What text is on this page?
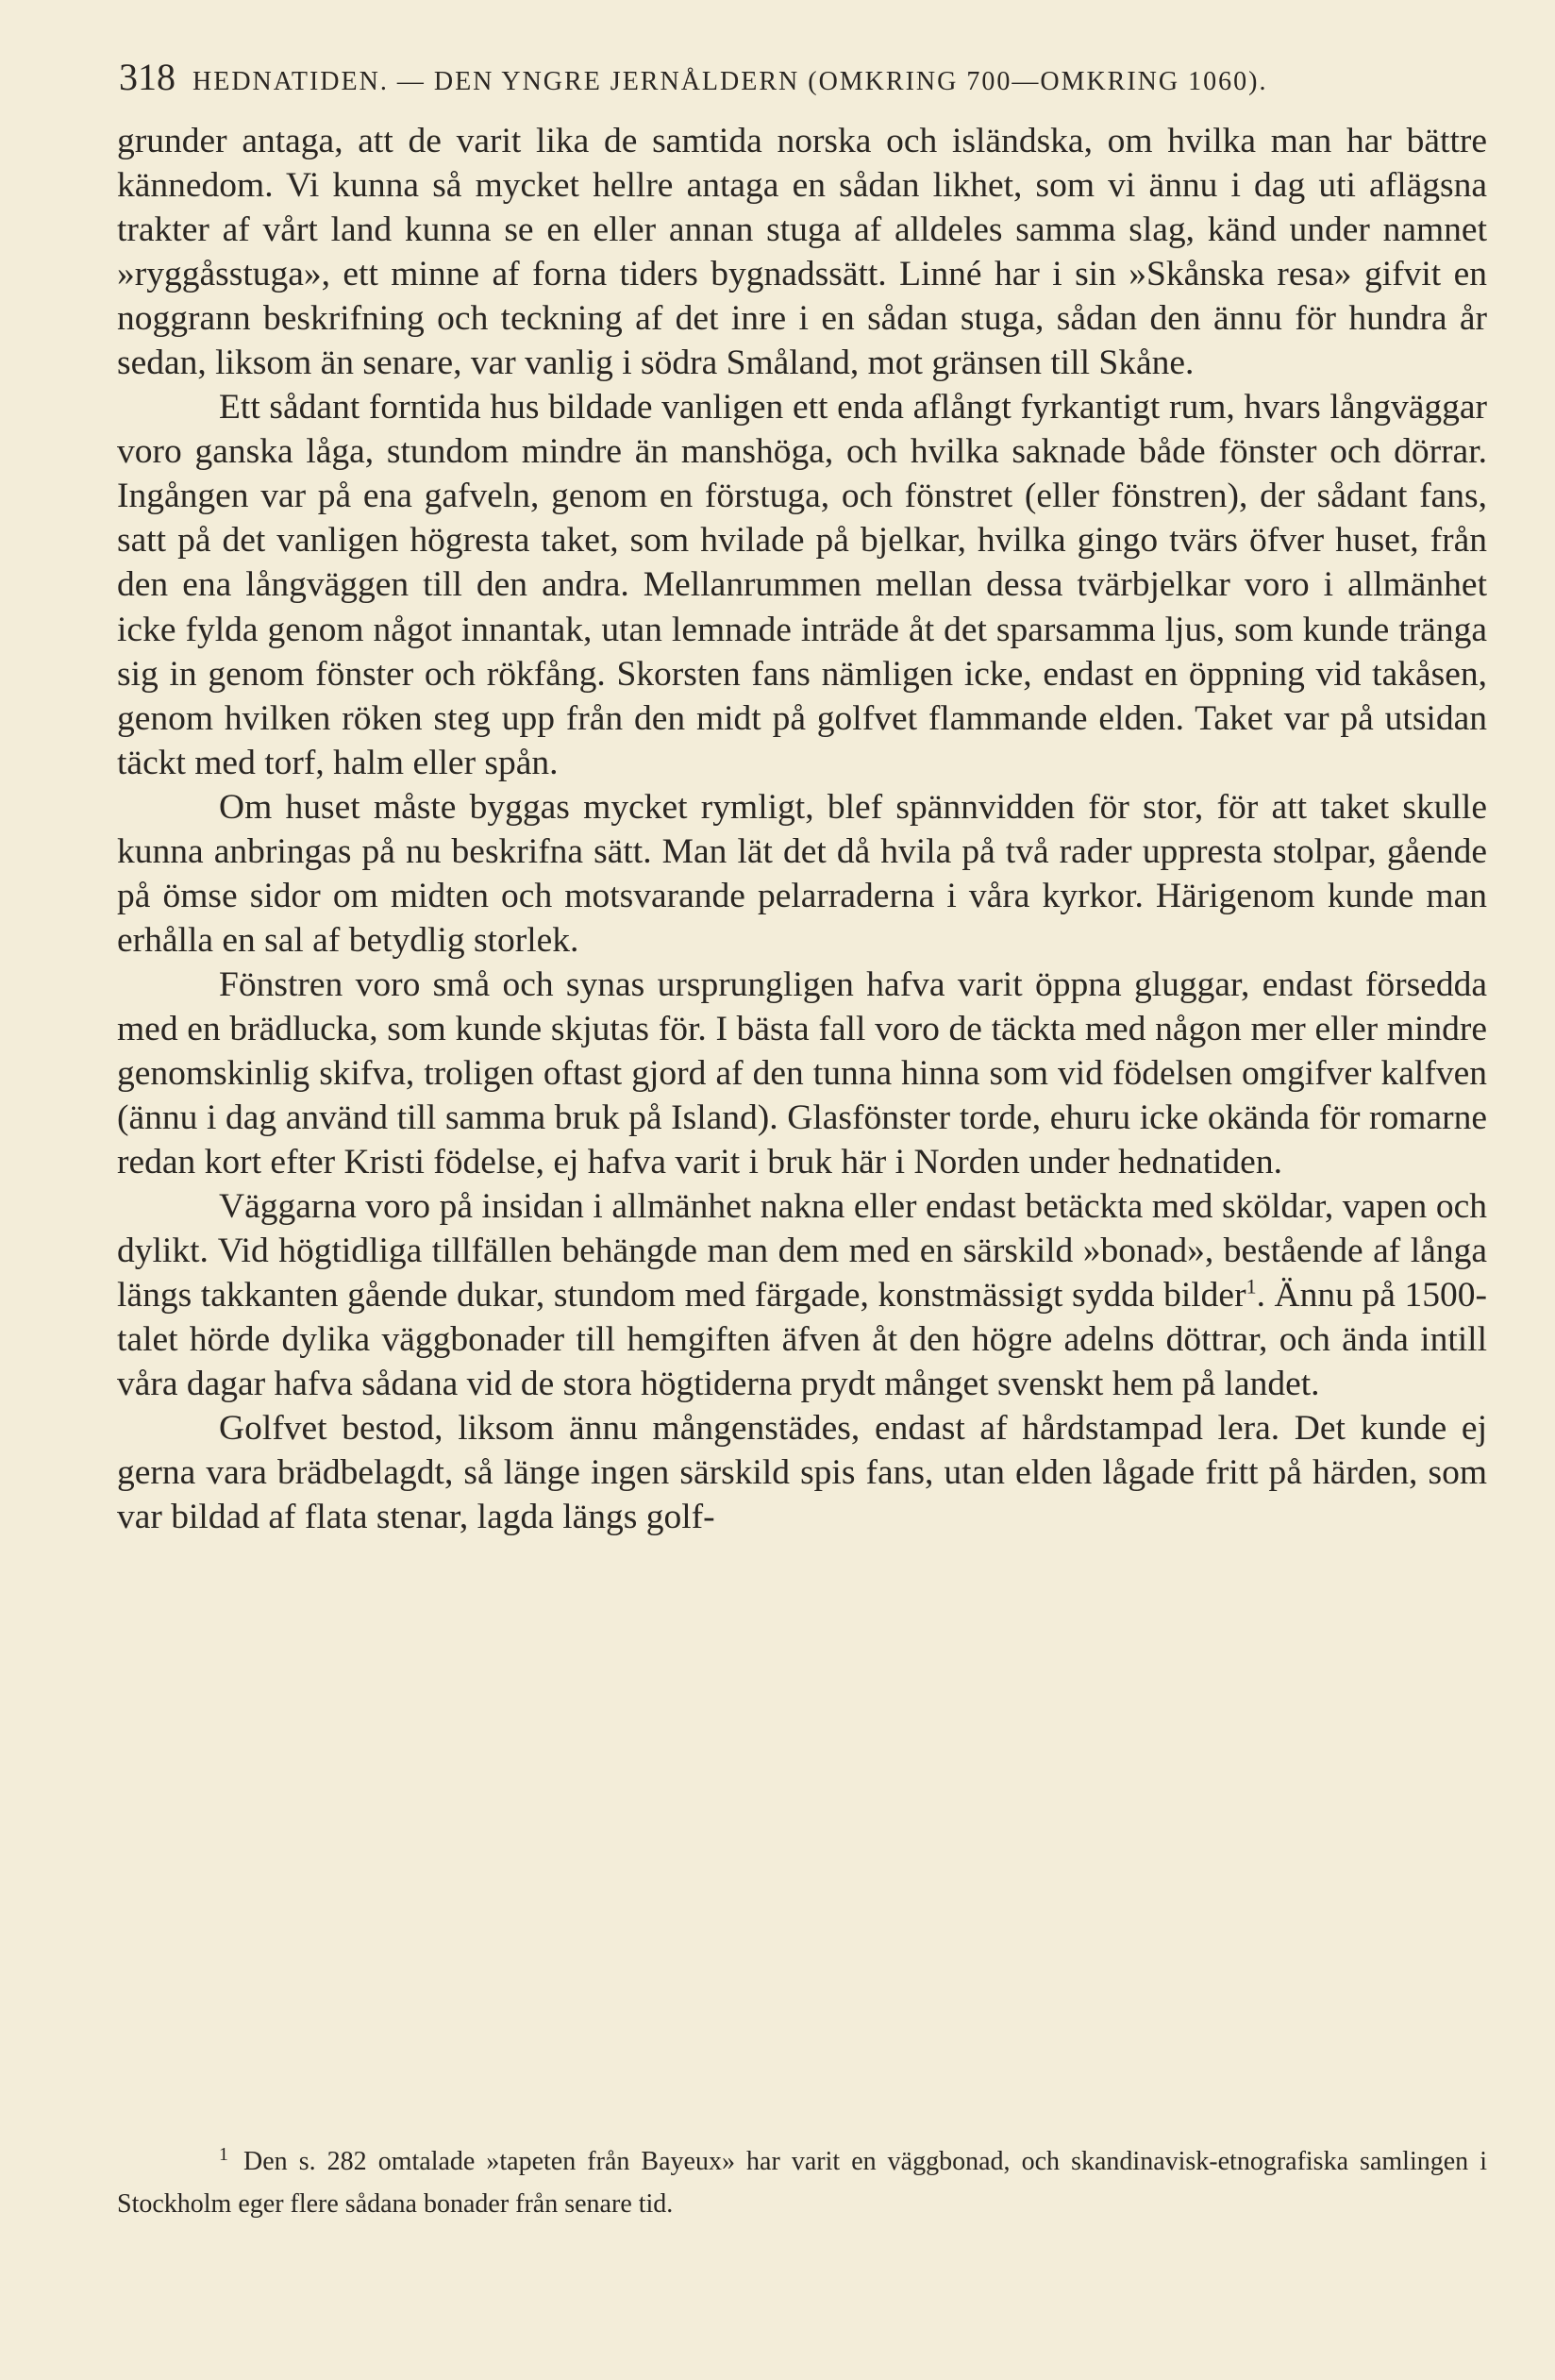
318 HEDNATIDEN. — DEN YNGRE JERNÅLDERN (OMKRING 700—OMKRING 1060).

grunder antaga, att de varit lika de samtida norska och isländska, om hvilka man har bättre kännedom. Vi kunna så mycket hellre antaga en sådan likhet, som vi ännu i dag uti aflägsna trakter af vårt land kunna se en eller annan stuga af alldeles samma slag, känd under namnet »ryggåsstuga», ett minne af forna tiders bygnadssätt. Linné har i sin »Skånska resa» gifvit en noggrann beskrifning och teckning af det inre i en sådan stuga, sådan den ännu för hundra år sedan, liksom än senare, var vanlig i södra Småland, mot gränsen till Skåne.

Ett sådant forntida hus bildade vanligen ett enda aflångt fyrkantigt rum, hvars långväggar voro ganska låga, stundom mindre än manshöga, och hvilka saknade både fönster och dörrar. Ingången var på ena gafveln, genom en förstuga, och fönstret (eller fönstren), der sådant fans, satt på det vanligen högresta taket, som hvilade på bjelkar, hvilka gingo tvärs öfver huset, från den ena långväggen till den andra. Mellanrummen mellan dessa tvärbjelkar voro i allmänhet icke fylda genom något innantak, utan lemnade inträde åt det sparsamma ljus, som kunde tränga sig in genom fönster och rökfång. Skorsten fans nämligen icke, endast en öppning vid takåsen, genom hvilken röken steg upp från den midt på golfvet flammande elden. Taket var på utsidan täckt med torf, halm eller spån.

Om huset måste byggas mycket rymligt, blef spännvidden för stor, för att taket skulle kunna anbringas på nu beskrifna sätt. Man lät det då hvila på två rader uppresta stolpar, gående på ömse sidor om midten och motsvarande pelarraderna i våra kyrkor. Härigenom kunde man erhålla en sal af betydlig storlek.

Fönstren voro små och synas ursprungligen hafva varit öppna gluggar, endast försedda med en brädlucka, som kunde skjutas för. I bästa fall voro de täckta med någon mer eller mindre genomskinlig skifva, troligen oftast gjord af den tunna hinna som vid födelsen omgifver kalfven (ännu i dag använd till samma bruk på Island). Glasfönster torde, ehuru icke okända för romarne redan kort efter Kristi födelse, ej hafva varit i bruk här i Norden under hednatiden.

Väggarna voro på insidan i allmänhet nakna eller endast betäckta med sköldar, vapen och dylikt. Vid högtidliga tillfällen behängde man dem med en särskild »bonad», bestående af långa längs takkanten gående dukar, stundom med färgade, konstmässigt sydda bilder$^1$. Ännu på 1500-talet hörde dylika väggbonader till hemgiften äfven åt den högre adelns döttrar, och ända intill våra dagar hafva sådana vid de stora högtiderna prydt månget svenskt hem på landet.

Golfvet bestod, liksom ännu mångenstädes, endast af hårdstampad lera. Det kunde ej gerna vara brädbelagdt, så länge ingen särskild spis fans, utan elden lågade fritt på härden, som var bildad af flata stenar, lagda längs golf-

1 Den s. 282 omtalade »tapeten från Bayeux» har varit en väggbonad, och skandinavisk-etnografiska samlingen i Stockholm eger flere sådana bonader från senare tid.
